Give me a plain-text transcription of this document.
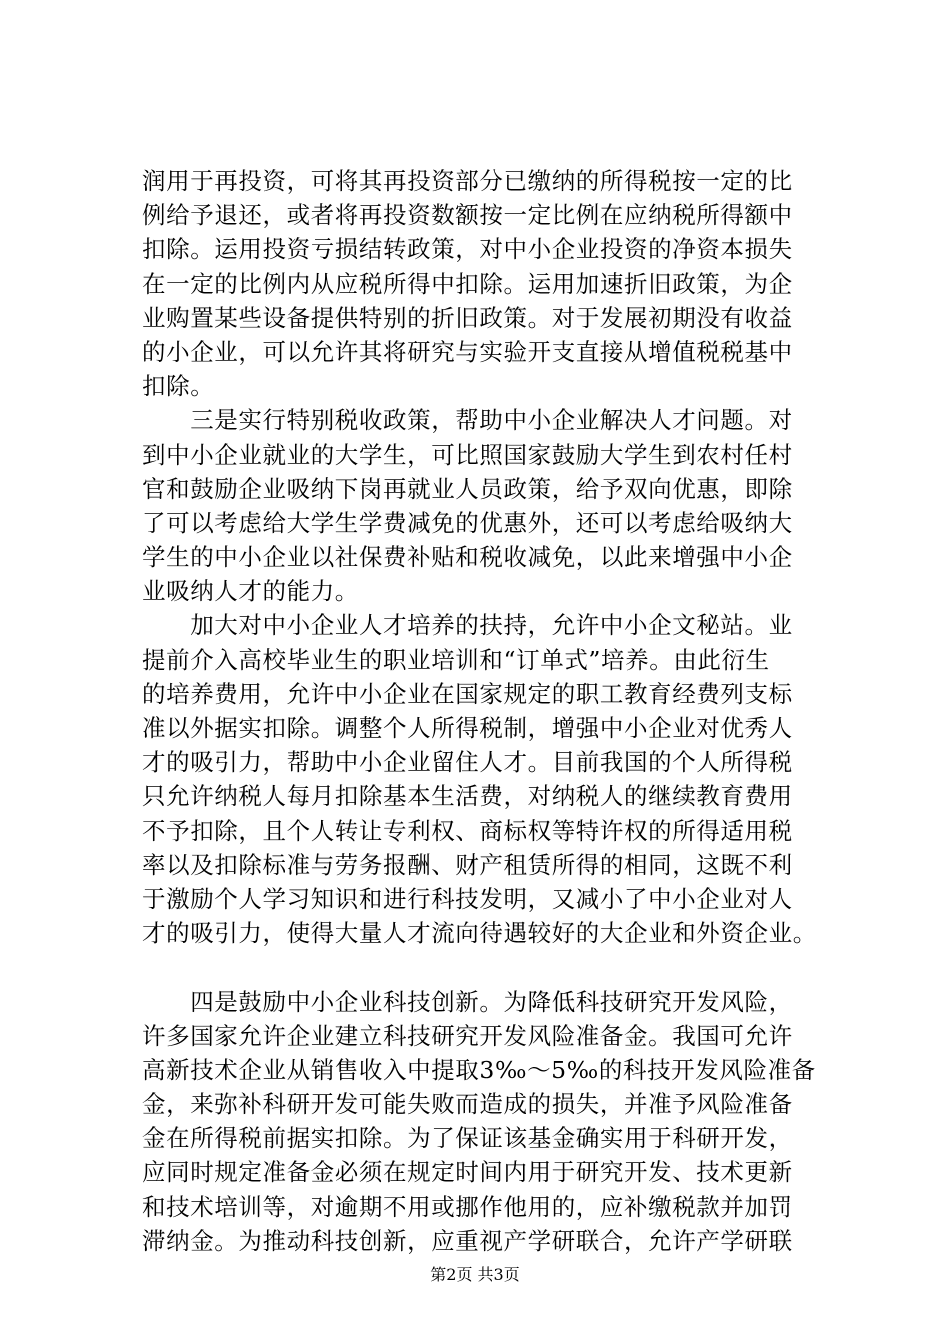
润用于再投资，可将其再投资部分已缴纳的所得税按一定的比
例给予退还，或者将再投资数额按一定比例在应纳税所得额中
扣除。运用投资亏损结转政策，对中小企业投资的净资本损失
在一定的比例内从应税所得中扣除。运用加速折旧政策，为企
业购置某些设备提供特别的折旧政策。对于发展初期没有收益
的小企业，可以允许其将研究与实验开支直接从增值税税基中
扣除。
　　三是实行特别税收政策，帮助中小企业解决人才问题。对
到中小企业就业的大学生，可比照国家鼓励大学生到农村任村
官和鼓励企业吸纳下岗再就业人员政策，给予双向优惠，即除
了可以考虑给大学生学费减免的优惠外，还可以考虑给吸纳大
学生的中小企业以社保费补贴和税收减免，以此来增强中小企
业吸纳人才的能力。
　　加大对中小企业人才培养的扶持，允许中小企文秘站。业
提前介入高校毕业生的职业培训和“订单式”培养。由此衍生
的培养费用，允许中小企业在国家规定的职工教育经费列支标
准以外据实扣除。调整个人所得税制，增强中小企业对优秀人
才的吸引力，帮助中小企业留住人才。目前我国的个人所得税
只允许纳税人每月扣除基本生活费，对纳税人的继续教育费用
不予扣除，且个人转让专利权、商标权等特许权的所得适用税
率以及扣除标准与劳务报酬、财产租赁所得的相同，这既不利
于激励个人学习知识和进行科技发明，又减小了中小企业对人
才的吸引力，使得大量人才流向待遇较好的大企业和外资企业。
　　四是鼓励中小企业科技创新。为降低科技研究开发风险，
许多国家允许企业建立科技研究开发风险准备金。我国可允许
高新技术企业从销售收入中提取3‰～5‰的科技开发风险准备
金，来弥补科研开发可能失败而造成的损失，并准予风险准备
金在所得税前据实扣除。为了保证该基金确实用于科研开发，
应同时规定准备金必须在规定时间内用于研究开发、技术更新
和技术培训等，对逾期不用或挪作他用的，应补缴税款并加罚
滞纳金。为推动科技创新，应重视产学研联合，允许产学研联
第2页 共3页
